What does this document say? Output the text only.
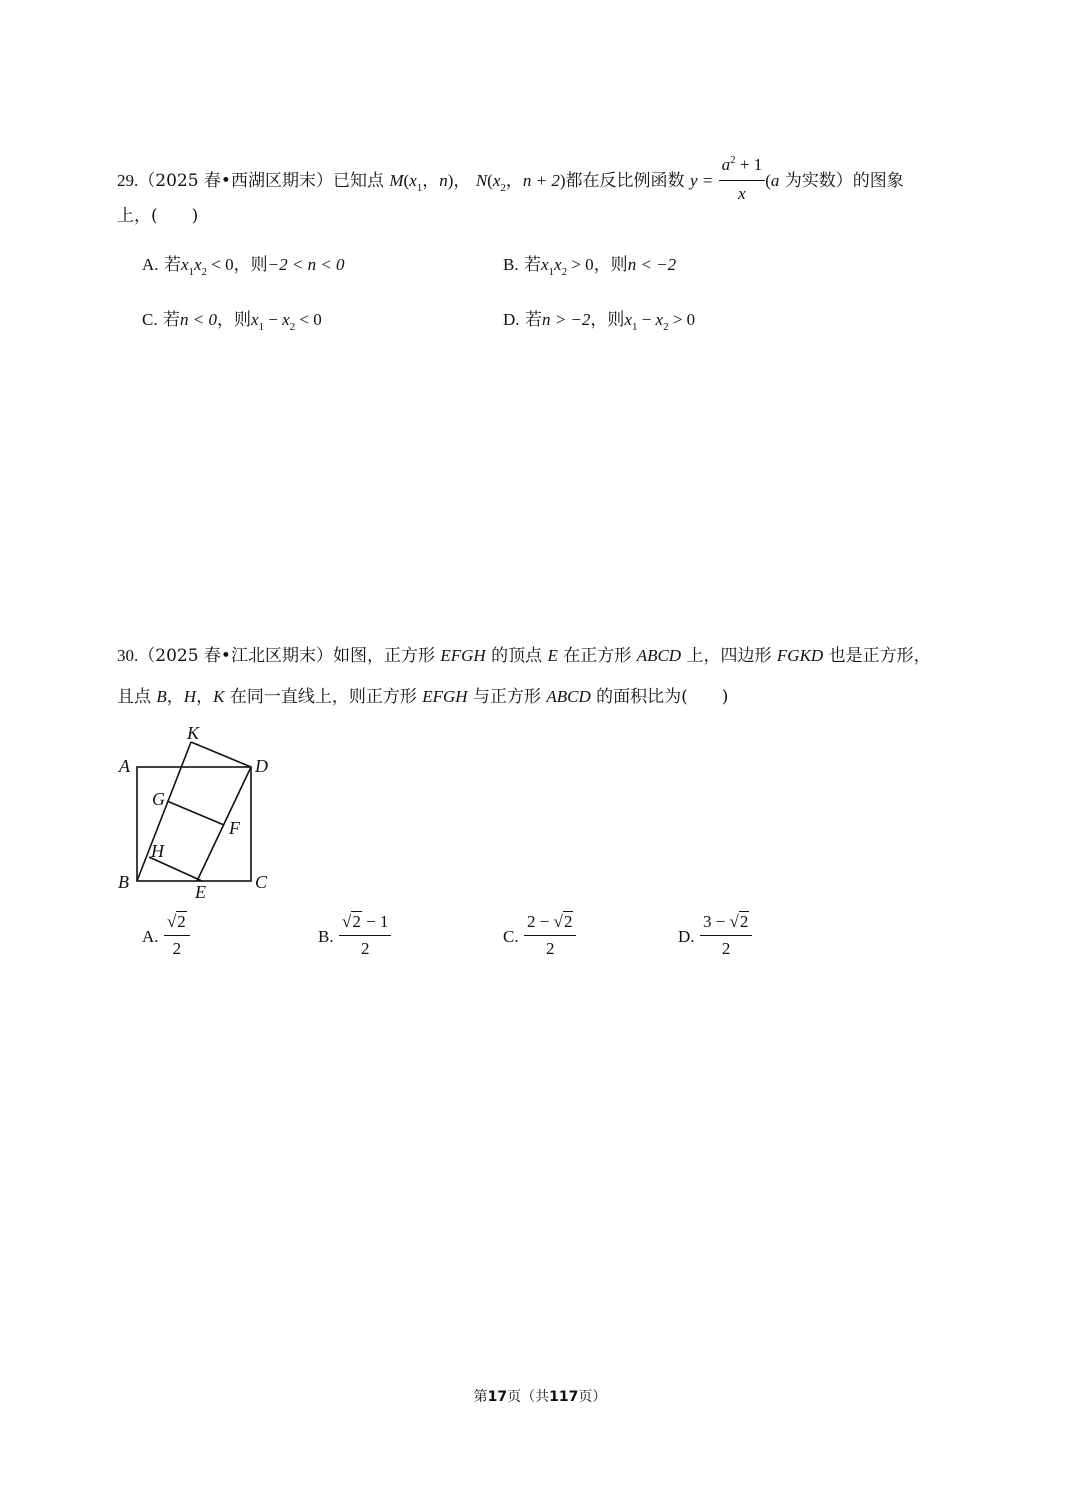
29.（2025 春•西湖区期末）已知点 $M(x_1$，n)， $N(x_2$，n + 2)都在反比例函数 $y = \frac{a^2 + 1}{x} (a$ 为实数）的图象
上，(　　)
A. 若$x_1x_2 < 0$，则−2 < n < 0	B. 若$x_1x_2 > 0$，则n < −2
C. 若n < 0，则$x_1 - x_2 < 0$	D. 若n > −2，则$x_1 - x_2 > 0$
30.（2025 春•江北区期末）如图，正方形 EFGH 的顶点 E 在正方形 ABCD 上，四边形 FGKD 也是正方形，
且点 B，H，K 在同一直线上，则正方形 EFGH 与正方形 ABCD 的面积比为(　　)
A	D
K
G
F
H
B	C
E
A. $\frac{√2}{2}$	B. $\frac{√2 - 1}{2}$	C. $\frac{2 - √2}{2}$	D. $\frac{3 - √2}{2}$
第17页（共117页）
